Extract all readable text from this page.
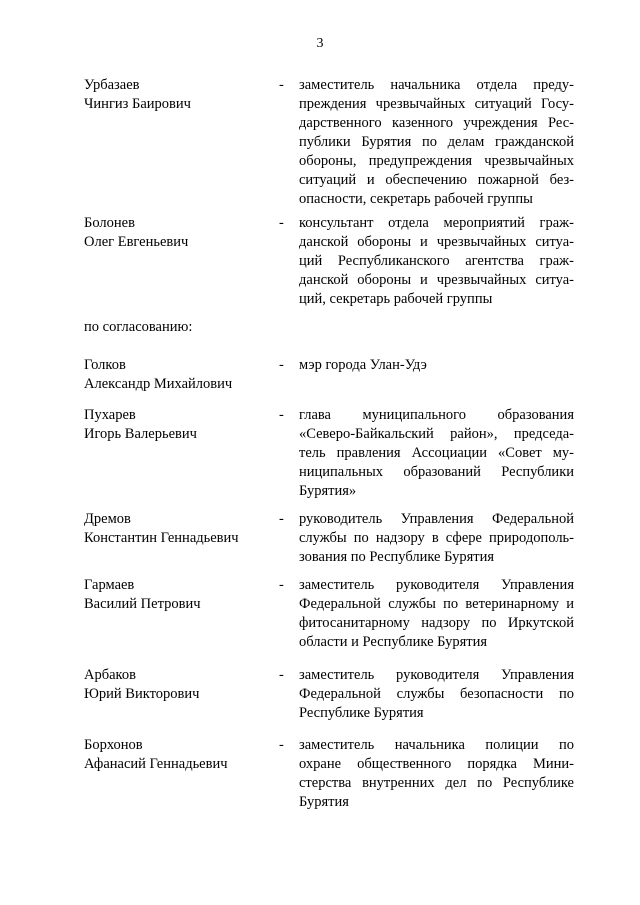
3
Урбазаев
Чингиз Баирович
- заместитель начальника отдела преду-
преждения чрезвычайных ситуаций Госу-
дарственного казенного учреждения Рес-
публики Бурятия по делам гражданской
обороны, предупреждения чрезвычайных
ситуаций и обеспечению пожарной без-
опасности, секретарь рабочей группы
Болонев
Олег Евгеньевич
- консультант отдела мероприятий граж-
данской обороны и чрезвычайных ситуа-
ций Республиканского агентства граж-
данской обороны и чрезвычайных ситуа-
ций, секретарь рабочей группы
по согласованию:
Голков
Александр Михайлович
- мэр города Улан-Удэ
Пухарев
Игорь Валерьевич
- глава муниципального образования
«Северо-Байкальский район», председа-
тель правления Ассоциации «Совет му-
ниципальных образований Республики
Бурятия»
Дремов
Константин Геннадьевич
- руководитель Управления Федеральной
службы по надзору в сфере природополь-
зования по Республике Бурятия
Гармаев
Василий Петрович
- заместитель руководителя Управления
Федеральной службы по ветеринарному и
фитосанитарному надзору по Иркутской
области и Республике Бурятия
Арбаков
Юрий Викторович
- заместитель руководителя Управления
Федеральной службы безопасности по
Республике Бурятия
Борхонов
Афанасий Геннадьевич
- заместитель начальника полиции по
охране общественного порядка Мини-
стерства внутренних дел по Республике
Бурятия
